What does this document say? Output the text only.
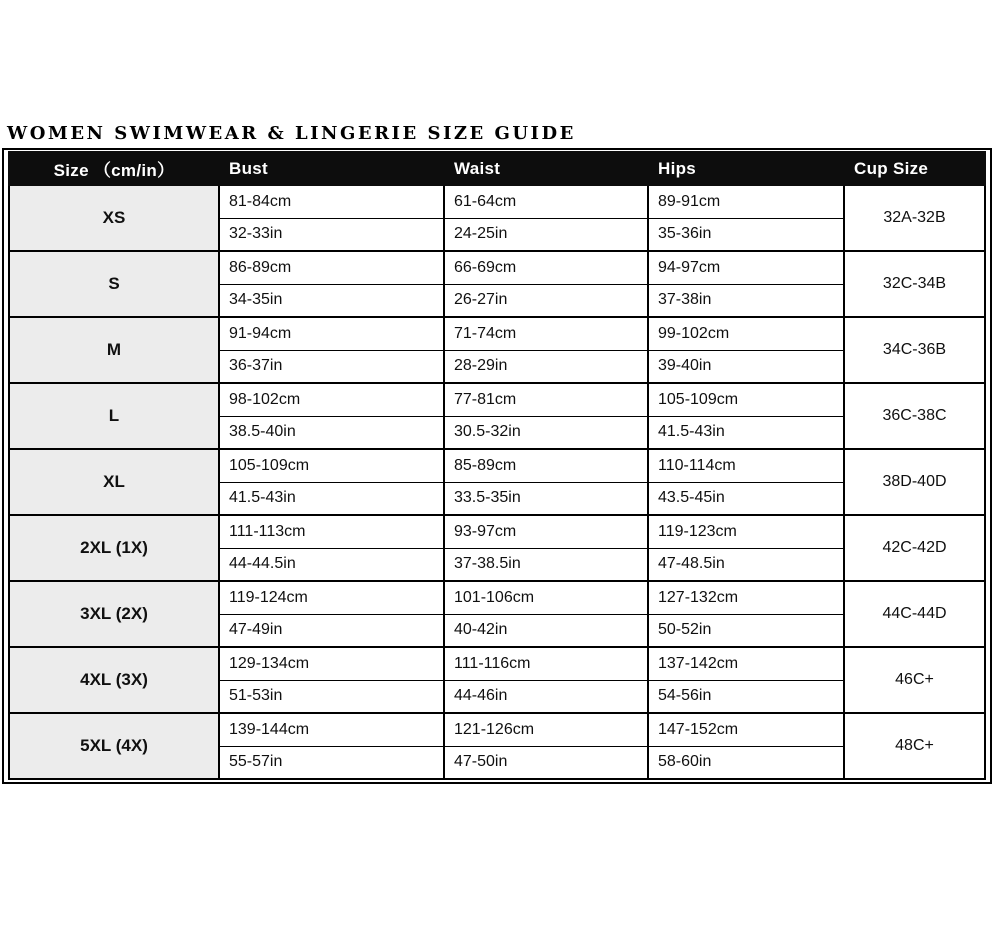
WOMEN SWIMWEAR & LINGERIE SIZE GUIDE
Size （cm/in）	Bust	Waist	Hips	Cup Size
XS	81-84cm	61-64cm	89-91cm	32A-32B
	32-33in	24-25in	35-36in	
S	86-89cm	66-69cm	94-97cm	32C-34B
	34-35in	26-27in	37-38in	
M	91-94cm	71-74cm	99-102cm	34C-36B
	36-37in	28-29in	39-40in	
L	98-102cm	77-81cm	105-109cm	36C-38C
	38.5-40in	30.5-32in	41.5-43in	
XL	105-109cm	85-89cm	110-114cm	38D-40D
	41.5-43in	33.5-35in	43.5-45in	
2XL (1X)	111-113cm	93-97cm	119-123cm	42C-42D
	44-44.5in	37-38.5in	47-48.5in	
3XL (2X)	119-124cm	101-106cm	127-132cm	44C-44D
	47-49in	40-42in	50-52in	
4XL (3X)	129-134cm	111-116cm	137-142cm	46C+
	51-53in	44-46in	54-56in	
5XL (4X)	139-144cm	121-126cm	147-152cm	48C+
	55-57in	47-50in	58-60in	
